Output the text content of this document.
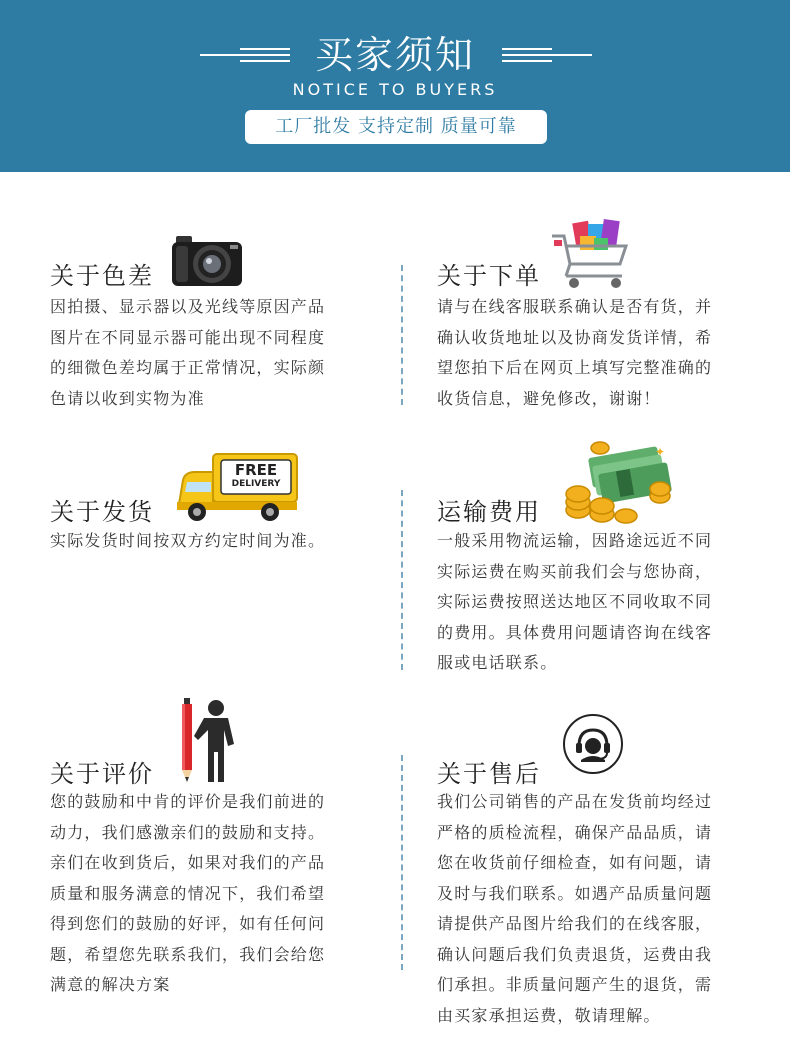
买家须知
NOTICE TO BUYERS
工厂批发 支持定制 质量可靠
关于色差
因拍摄、显示器以及光线等原因产品
图片在不同显示器可能出现不同程度
的细微色差均属于正常情况，实际颜
色请以收到实物为准
关于下单
请与在线客服联系确认是否有货，并
确认收货地址以及协商发货详情，希
望您拍下后在网页上填写完整准确的
收货信息，避免修改，谢谢！
关于发货
FREE
DELIVERY
实际发货时间按双方约定时间为准。
运输费用
✦
一般采用物流运输，因路途远近不同
实际运费在购买前我们会与您协商，
实际运费按照送达地区不同收取不同
的费用。具体费用问题请咨询在线客
服或电话联系。
关于评价
您的鼓励和中肯的评价是我们前进的
动力，我们感激亲们的鼓励和支持。
亲们在收到货后，如果对我们的产品
质量和服务满意的情况下，我们希望
得到您们的鼓励的好评，如有任何问
题，希望您先联系我们，我们会给您
满意的解决方案
关于售后
我们公司销售的产品在发货前均经过
严格的质检流程，确保产品品质，请
您在收货前仔细检查，如有问题，请
及时与我们联系。如遇产品质量问题
请提供产品图片给我们的在线客服，
确认问题后我们负责退货，运费由我
们承担。非质量问题产生的退货，需
由买家承担运费，敬请理解。
